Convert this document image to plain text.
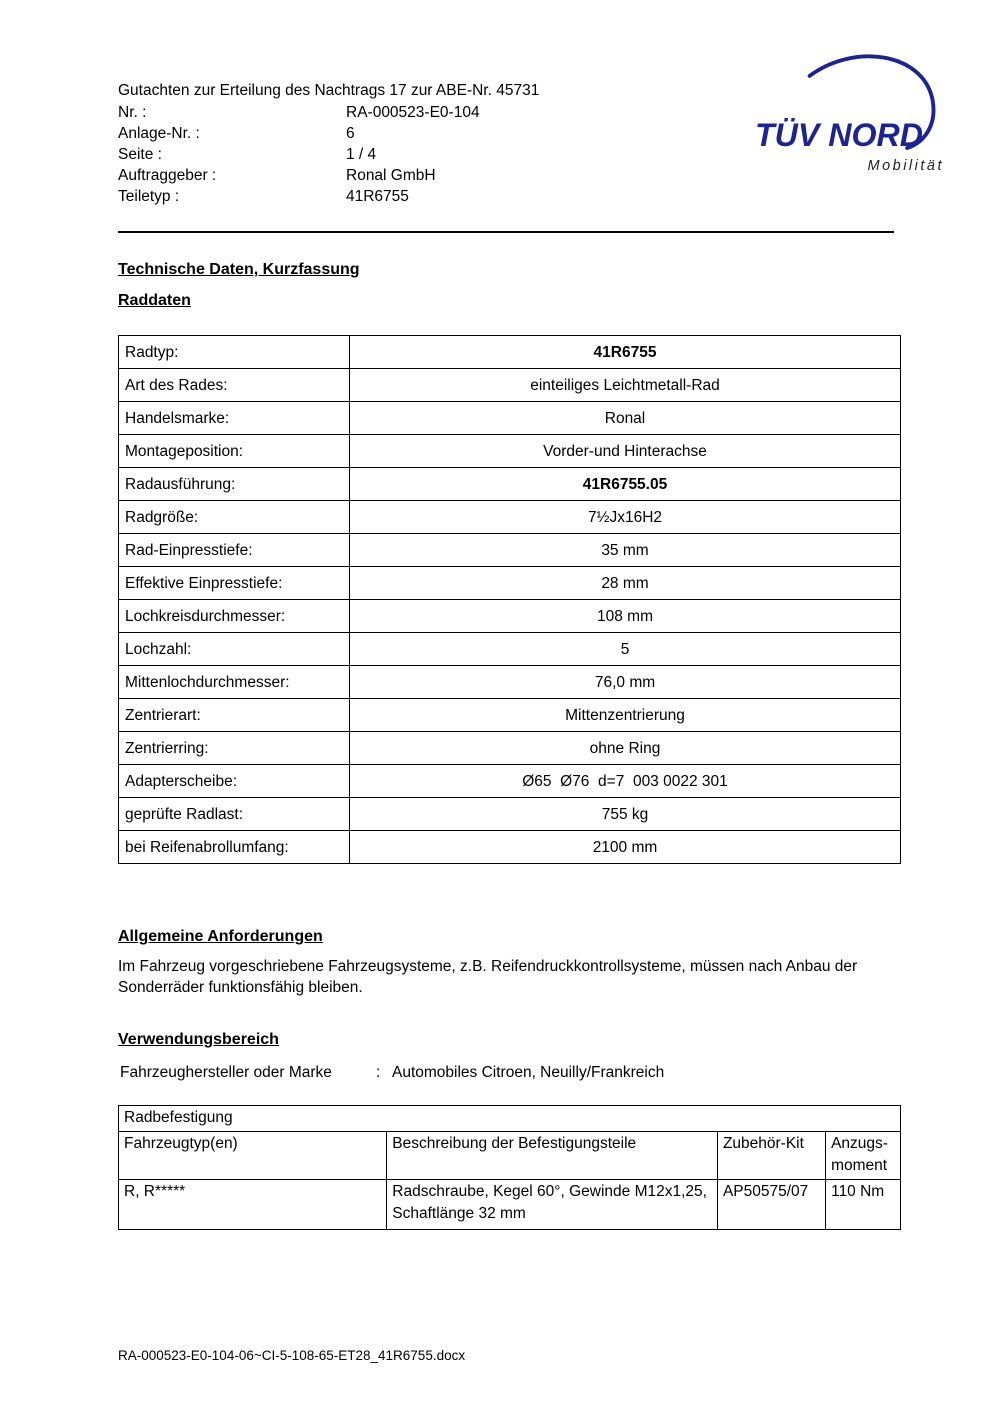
TÜV NORD
Mobilität
Gutachten zur Erteilung des Nachtrags 17 zur ABE-Nr. 45731
Nr. :	RA-000523-E0-104
Anlage-Nr. :	6
Seite :	1 / 4
Auftraggeber :	Ronal GmbH
Teiletyp :	41R6755
Technische Daten, Kurzfassung
Raddaten
Radtyp:	41R6755
Art des Rades:	einteiliges Leichtmetall-Rad
Handelsmarke:	Ronal
Montageposition:	Vorder-und Hinterachse
Radausführung:	41R6755.05
Radgröße:	7½Jx16H2
Rad-Einpresstiefe:	35 mm
Effektive Einpresstiefe:	28 mm
Lochkreisdurchmesser:	108 mm
Lochzahl:	5
Mittenlochdurchmesser:	76,0 mm
Zentrierart:	Mittenzentrierung
Zentrierring:	ohne Ring
Adapterscheibe:	Ø65  Ø76  d=7  003 0022 301
geprüfte Radlast:	755 kg
bei Reifenabrollumfang:	2100 mm
Allgemeine Anforderungen
Im Fahrzeug vorgeschriebene Fahrzeugsysteme, z.B. Reifendruckkontrollsysteme, müssen nach Anbau der Sonderräder funktionsfähig bleiben.
Verwendungsbereich
Fahrzeughersteller oder Marke	: Automobiles Citroen, Neuilly/Frankreich
Radbefestigung			
Fahrzeugtyp(en)	Beschreibung der Befestigungsteile	Zubehör-Kit	Anzugs-moment
R, R*****	Radschraube, Kegel 60°, Gewinde M12x1,25, Schaftlänge 32 mm	AP50575/07	110 Nm
RA-000523-E0-104-06~CI-5-108-65-ET28_41R6755.docx
